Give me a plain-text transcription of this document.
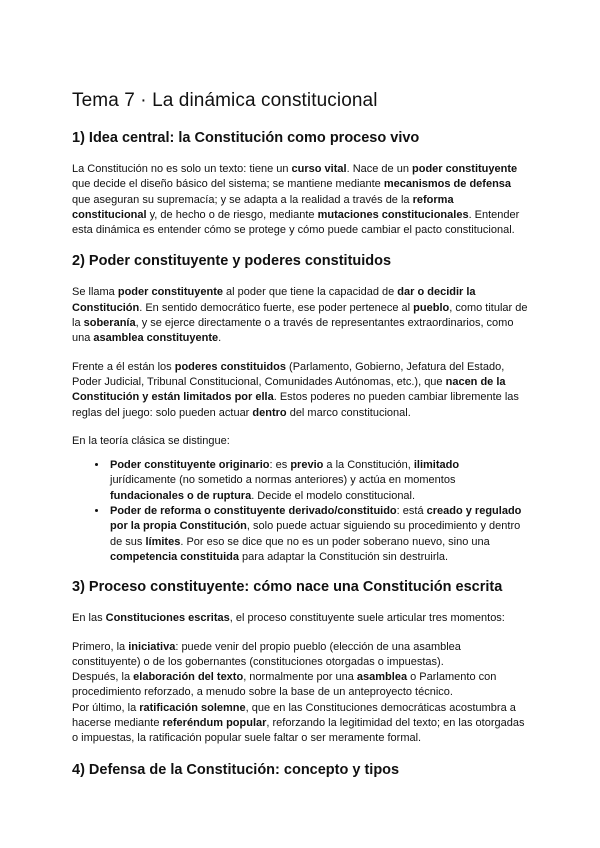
Tema 7 · La dinámica constitucional
1) Idea central: la Constitución como proceso vivo

La Constitución no es solo un texto: tiene un curso vital. Nace de un poder constituyente que decide el diseño básico del sistema; se mantiene mediante mecanismos de defensa que aseguran su supremacía; y se adapta a la realidad a través de la reforma constitucional y, de hecho o de riesgo, mediante mutaciones constitucionales. Entender esta dinámica es entender cómo se protege y cómo puede cambiar el pacto constitucional.

2) Poder constituyente y poderes constituidos

Se llama poder constituyente al poder que tiene la capacidad de dar o decidir la Constitución. En sentido democrático fuerte, ese poder pertenece al pueblo, como titular de la soberanía, y se ejerce directamente o a través de representantes extraordinarios, como una asamblea constituyente.

Frente a él están los poderes constituidos (Parlamento, Gobierno, Jefatura del Estado, Poder Judicial, Tribunal Constitucional, Comunidades Autónomas, etc.), que nacen de la Constitución y están limitados por ella. Estos poderes no pueden cambiar libremente las reglas del juego: solo pueden actuar dentro del marco constitucional.

En la teoría clásica se distingue:

• Poder constituyente originario: es previo a la Constitución, ilimitado jurídicamente (no sometido a normas anteriores) y actúa en momentos fundacionales o de ruptura. Decide el modelo constitucional.
• Poder de reforma o constituyente derivado/constituido: está creado y regulado por la propia Constitución, solo puede actuar siguiendo su procedimiento y dentro de sus límites. Por eso se dice que no es un poder soberano nuevo, sino una competencia constituida para adaptar la Constitución sin destruirla.
3) Proceso constituyente: cómo nace una Constitución escrita

En las Constituciones escritas, el proceso constituyente suele articular tres momentos:

Primero, la iniciativa: puede venir del propio pueblo (elección de una asamblea constituyente) o de los gobernantes (constituciones otorgadas o impuestas).
Después, la elaboración del texto, normalmente por una asamblea o Parlamento con procedimiento reforzado, a menudo sobre la base de un anteproyecto técnico.
Por último, la ratificación solemne, que en las Constituciones democráticas acostumbra a hacerse mediante referéndum popular, reforzando la legitimidad del texto; en las otorgadas o impuestas, la ratificación popular suele faltar o ser meramente formal.

4) Defensa de la Constitución: concepto y tipos
